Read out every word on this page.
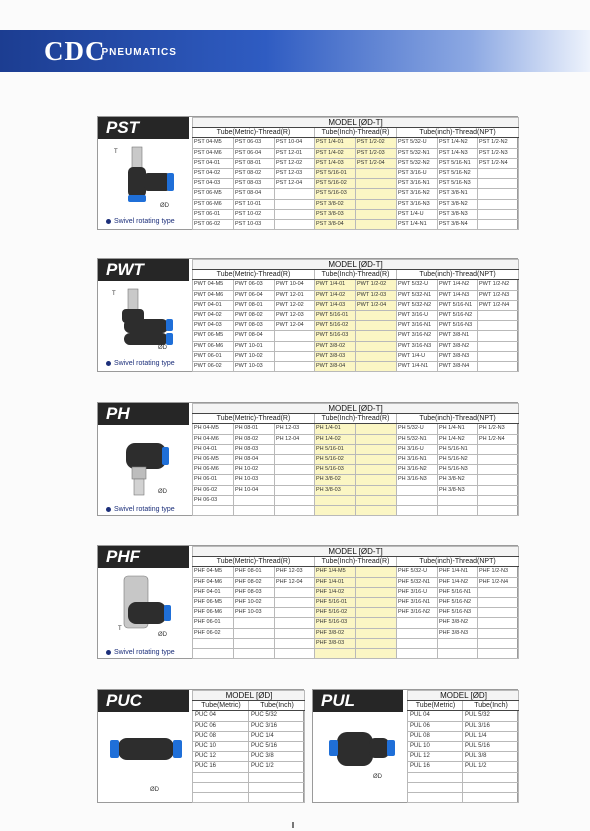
CDCPNEUMATICS
PST
T
ØD
Swivel rotating type
MODEL [ØD-T]							
Tube(Metric)-Thread(R)			Tube(Inch)-Thread(R)		Tube(inch)-Thread(NPT)		
PST 04-M5	PST 06-03	PST 10-04	PST 1/4-01	PST 1/2-02	PST 5/32-U	PST 1/4-N2	PST 1/2-N2
PST 04-M6	PST 06-04	PST 12-01	PST 1/4-02	PST 1/2-03	PST 5/32-N1	PST 1/4-N3	PST 1/2-N3
PST 04-01	PST 08-01	PST 12-02	PST 1/4-03	PST 1/2-04	PST 5/32-N2	PST 5/16-N1	PST 1/2-N4
PST 04-02	PST 08-02	PST 12-03	PST 5/16-01		PST 3/16-U	PST 5/16-N2	
PST 04-03	PST 08-03	PST 12-04	PST 5/16-02		PST 3/16-N1	PST 5/16-N3	
PST 06-M5	PST 08-04		PST 5/16-03		PST 3/16-N2	PST 3/8-N1	
PST 06-M6	PST 10-01		PST 3/8-02		PST 3/16-N3	PST 3/8-N2	
PST 06-01	PST 10-02		PST 3/8-03		PST 1/4-U	PST 3/8-N3	
PST 06-02	PST 10-03		PST 3/8-04		PST 1/4-N1	PST 3/8-N4	
PWT
T
ØD
Swivel rotating type
MODEL [ØD-T]							
Tube(Metric)-Thread(R)			Tube(Inch)-Thread(R)		Tube(inch)-Thread(NPT)		
PWT 04-M5	PWT 06-03	PWT 10-04	PWT 1/4-01	PWT 1/2-02	PWT 5/32-U	PWT 1/4-N2	PWT 1/2-N2
PWT 04-M6	PWT 06-04	PWT 12-01	PWT 1/4-02	PWT 1/2-03	PWT 5/32-N1	PWT 1/4-N3	PWT 1/2-N3
PWT 04-01	PWT 08-01	PWT 12-02	PWT 1/4-03	PWT 1/2-04	PWT 5/32-N2	PWT 5/16-N1	PWT 1/2-N4
PWT 04-02	PWT 08-02	PWT 12-03	PWT 5/16-01		PWT 3/16-U	PWT 5/16-N2	
PWT 04-03	PWT 08-03	PWT 12-04	PWT 5/16-02		PWT 3/16-N1	PWT 5/16-N3	
PWT 06-M5	PWT 08-04		PWT 5/16-03		PWT 3/16-N2	PWT 3/8-N1	
PWT 06-M6	PWT 10-01		PWT 3/8-02		PWT 3/16-N3	PWT 3/8-N2	
PWT 06-01	PWT 10-02		PWT 3/8-03		PWT 1/4-U	PWT 3/8-N3	
PWT 06-02	PWT 10-03		PWT 3/8-04		PWT 1/4-N1	PWT 3/8-N4	
PH
ØD
Swivel rotating type
MODEL [ØD-T]							
Tube(Metric)-Thread(R)			Tube(Inch)-Thread(R)		Tube(inch)-Thread(NPT)		
PH 04-M5	PH 08-01	PH 12-03	PH 1/4-01		PH 5/32-U	PH 1/4-N1	PH 1/2-N3
PH 04-M6	PH 08-02	PH 12-04	PH 1/4-02		PH 5/32-N1	PH 1/4-N2	PH 1/2-N4
PH 04-01	PH 08-03		PH 5/16-01		PH 3/16-U	PH 5/16-N1	
PH 06-M5	PH 08-04		PH 5/16-02		PH 3/16-N1	PH 5/16-N2	
PH 06-M6	PH 10-02		PH 5/16-03		PH 3/16-N2	PH 5/16-N3	
PH 06-01	PH 10-03		PH 3/8-02		PH 3/16-N3	PH 3/8-N2	
PH 06-02	PH 10-04		PH 3/8-03			PH 3/8-N3	
PH 06-03							

PHF
T
ØD
Swivel rotating type
MODEL [ØD-T]							
Tube(Metric)-Thread(R)			Tube(Inch)-Thread(R)		Tube(inch)-Thread(NPT)		
PHF 04-M5	PHF 08-01	PHF 12-03	PHF 1/4-M5		PHF 5/32-U	PHF 1/4-N1	PHF 1/2-N3
PHF 04-M6	PHF 08-02	PHF 12-04	PHF 1/4-01		PHF 5/32-N1	PHF 1/4-N2	PHF 1/2-N4
PHF 04-01	PHF 08-03		PHF 1/4-02		PHF 3/16-U	PHF 5/16-N1	
PHF 06-M5	PHF 10-02		PHF 5/16-01		PHF 3/16-N1	PHF 5/16-N2	
PHF 06-M6	PHF 10-03		PHF 5/16-02		PHF 3/16-N2	PHF 5/16-N3	
PHF 06-01			PHF 5/16-03			PHF 3/8-N2	
PHF 06-02			PHF 3/8-02			PHF 3/8-N3	
			PHF 3/8-03				

PUC
ØD
MODEL [ØD]	
Tube(Metric)	Tube(Inch)
PUC 04	PUC 5/32
PUC 06	PUC 3/16
PUC 08	PUC 1/4
PUC 10	PUC 5/16
PUC 12	PUC 3/8
PUC 16	PUC 1/2

PUL
ØD
MODEL [ØD]	
Tube(Metric)	Tube(Inch)
PUL 04	PUL 5/32
PUL 06	PUL 3/16
PUL 08	PUL 1/4
PUL 10	PUL 5/16
PUL 12	PUL 3/8
PUL 16	PUL 1/2
